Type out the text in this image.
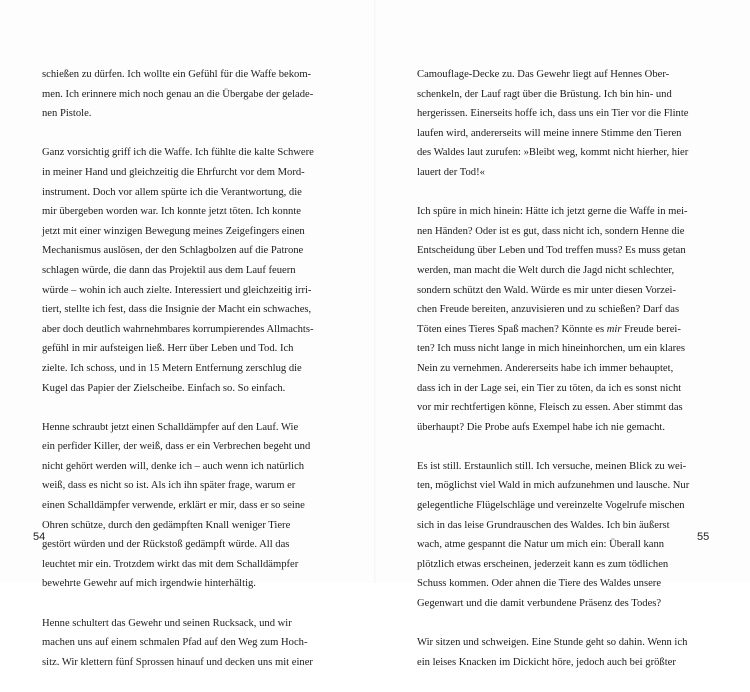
schießen zu dürfen. Ich wollte ein Gefühl für die Waffe bekom-
men. Ich erinnere mich noch genau an die Übergabe der gelade-
nen Pistole.
Ganz vorsichtig griff ich die Waffe. Ich fühlte die kalte Schwere
in meiner Hand und gleichzeitig die Ehrfurcht vor dem Mord-
instrument. Doch vor allem spürte ich die Verantwortung, die
mir übergeben worden war. Ich konnte jetzt töten. Ich konnte
jetzt mit einer winzigen Bewegung meines Zeigefingers einen
Mechanismus auslösen, der den Schlagbolzen auf die Patrone
schlagen würde, die dann das Projektil aus dem Lauf feuern
würde – wohin ich auch zielte. Interessiert und gleichzeitig irri-
tiert, stellte ich fest, dass die Insignie der Macht ein schwaches,
aber doch deutlich wahrnehmbares korrumpierendes Allmachts-
gefühl in mir aufsteigen ließ. Herr über Leben und Tod. Ich
zielte. Ich schoss, und in 15 Metern Entfernung zerschlug die
Kugel das Papier der Zielscheibe. Einfach so. So einfach.
Henne schraubt jetzt einen Schalldämpfer auf den Lauf. Wie
ein perfider Killer, der weiß, dass er ein Verbrechen begeht und
nicht gehört werden will, denke ich – auch wenn ich natürlich
weiß, dass es nicht so ist. Als ich ihn später frage, warum er
einen Schalldämpfer verwende, erklärt er mir, dass er so seine
Ohren schütze, durch den gedämpften Knall weniger Tiere
gestört würden und der Rückstoß gedämpft würde. All das
leuchtet mir ein. Trotzdem wirkt das mit dem Schalldämpfer
bewehrte Gewehr auf mich irgendwie hinterhältig.
Henne schultert das Gewehr und seinen Rucksack, und wir
machen uns auf einem schmalen Pfad auf den Weg zum Hoch-
sitz. Wir klettern fünf Sprossen hinauf und decken uns mit einer
54
Camouflage-Decke zu. Das Gewehr liegt auf Hennes Ober-
schenkeln, der Lauf ragt über die Brüstung. Ich bin hin- und
hergerissen. Einerseits hoffe ich, dass uns ein Tier vor die Flinte
laufen wird, andererseits will meine innere Stimme den Tieren
des Waldes laut zurufen: »Bleibt weg, kommt nicht hierher, hier
lauert der Tod!«
Ich spüre in mich hinein: Hätte ich jetzt gerne die Waffe in mei-
nen Händen? Oder ist es gut, dass nicht ich, sondern Henne die
Entscheidung über Leben und Tod treffen muss? Es muss getan
werden, man macht die Welt durch die Jagd nicht schlechter,
sondern schützt den Wald. Würde es mir unter diesen Vorzei-
chen Freude bereiten, anzuvisieren und zu schießen? Darf das
Töten eines Tieres Spaß machen? Könnte es mir Freude berei-
ten? Ich muss nicht lange in mich hineinhorchen, um ein klares
Nein zu vernehmen. Andererseits habe ich immer behauptet,
dass ich in der Lage sei, ein Tier zu töten, da ich es sonst nicht
vor mir rechtfertigen könne, Fleisch zu essen. Aber stimmt das
überhaupt? Die Probe aufs Exempel habe ich nie gemacht.
Es ist still. Erstaunlich still. Ich versuche, meinen Blick zu wei-
ten, möglichst viel Wald in mich aufzunehmen und lausche. Nur
gelegentliche Flügelschläge und vereinzelte Vogelrufe mischen
sich in das leise Grundrauschen des Waldes. Ich bin äußerst
wach, atme gespannt die Natur um mich ein: Überall kann
plötzlich etwas erscheinen, jederzeit kann es zum tödlichen
Schuss kommen. Oder ahnen die Tiere des Waldes unsere
Gegenwart und die damit verbundene Präsenz des Todes?
Wir sitzen und schweigen. Eine Stunde geht so dahin. Wenn ich
ein leises Knacken im Dickicht höre, jedoch auch bei größter
55
